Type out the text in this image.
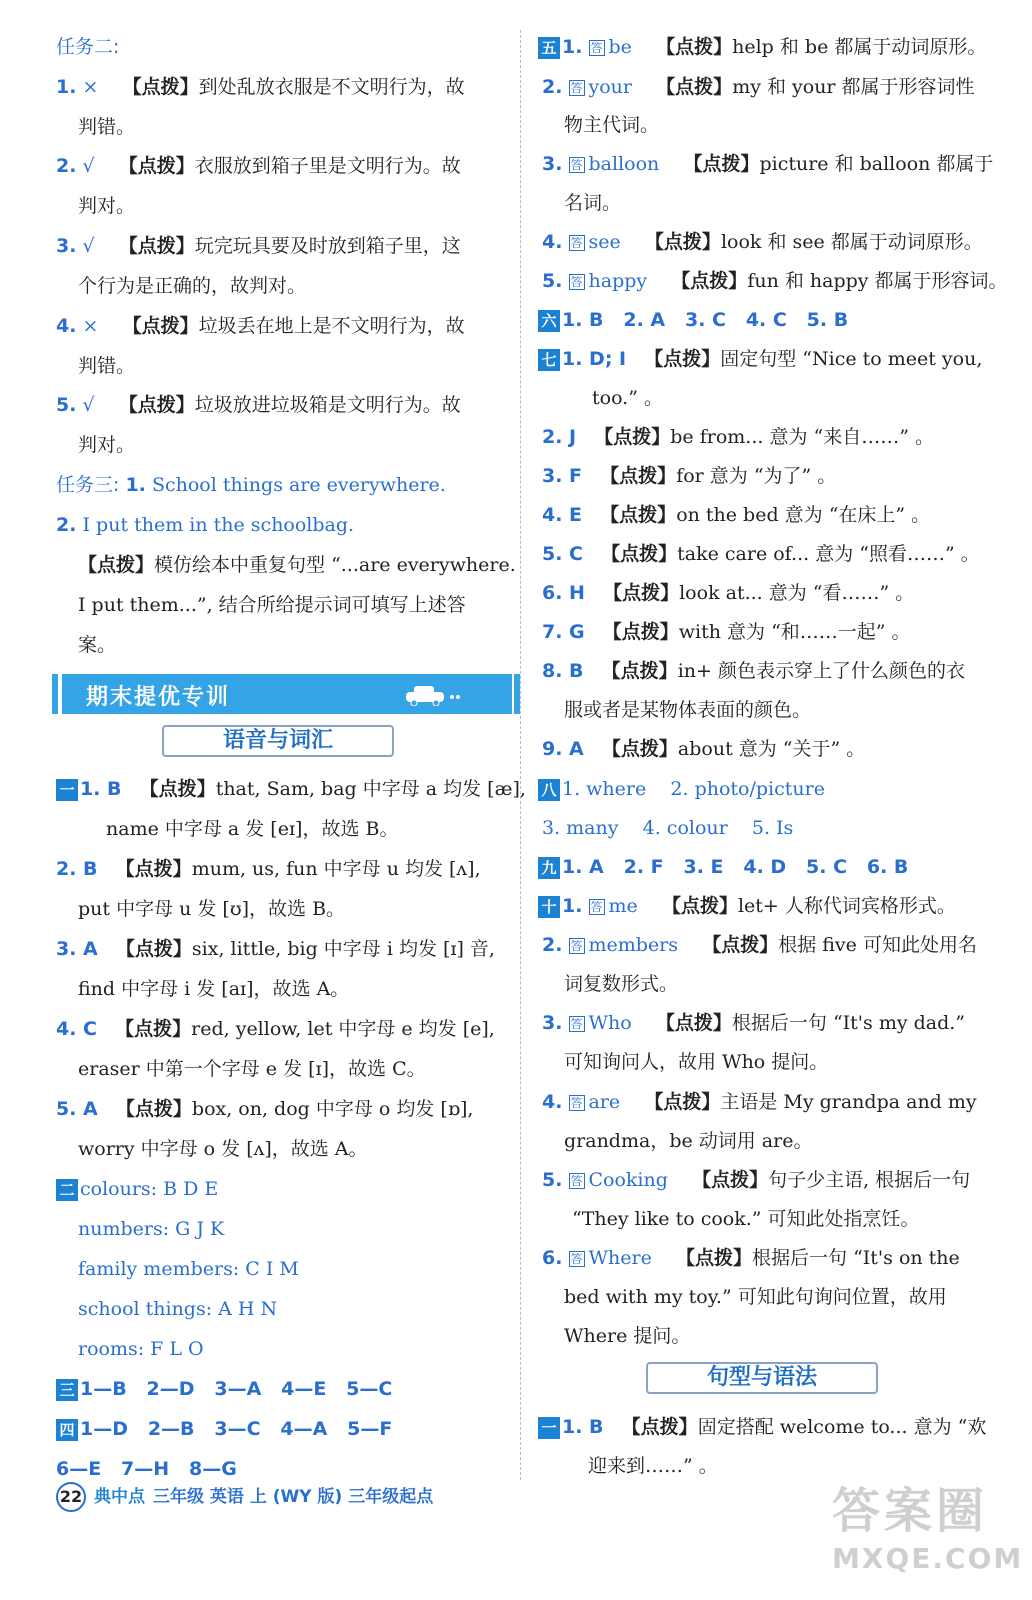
任务二:
1. × 【点拨】到处乱放衣服是不文明行为，故
判错。
2. √ 【点拨】衣服放到箱子里是文明行为。故
判对。
3. √ 【点拨】玩完玩具要及时放到箱子里，这
个行为是正确的，故判对。
4. × 【点拨】垃圾丢在地上是不文明行为，故
判错。
5. √ 【点拨】垃圾放进垃圾箱是文明行为。故
判对。
任务三: 1. School things are everywhere.
2. I put them in the schoolbag.
【点拨】模仿绘本中重复句型 “...are everywhere.
I put them...”, 结合所给提示词可填写上述答
案。
期末提优专训
语音与词汇
一 1. B 【点拨】that, Sam, bag 中字母 a 均发 [æ],
name 中字母 a 发 [eɪ]，故选 B。
2. B 【点拨】mum, us, fun 中字母 u 均发 [ʌ],
put 中字母 u 发 [ʊ]，故选 B。
3. A 【点拨】six, little, big 中字母 i 均发 [ɪ] 音,
find 中字母 i 发 [aɪ]，故选 A。
4. C 【点拨】red, yellow, let 中字母 e 均发 [e],
eraser 中第一个字母 e 发 [ɪ]，故选 C。
5. A 【点拨】box, on, dog 中字母 o 均发 [ɒ],
worry 中字母 o 发 [ʌ]，故选 A。
二 colours: B D E
numbers: G J K
family members: C I M
school things: A H N
rooms: F L O
三 1—B   2—D   3—A   4—E   5—C
四 1—D   2—B   3—C   4—A   5—F
6—E   7—H   8—G
五 1. 答 be 【点拨】help 和 be 都属于动词原形。
2. 答 your 【点拨】my 和 your 都属于形容词性
物主代词。
3. 答 balloon 【点拨】picture 和 balloon 都属于
名词。
4. 答 see 【点拨】look 和 see 都属于动词原形。
5. 答 happy 【点拨】fun 和 happy 都属于形容词。
六 1. B   2. A   3. C   4. C   5. B
七 1. D; I 【点拨】固定句型 “Nice to meet you,
too.” 。
2. J 【点拨】be from... 意为 “来自……” 。
3. F 【点拨】for 意为 “为了” 。
4. E 【点拨】on the bed 意为 “在床上” 。
5. C 【点拨】take care of... 意为 “照看……” 。
6. H 【点拨】look at... 意为 “看……” 。
7. G 【点拨】with 意为 “和……一起” 。
8. B 【点拨】in+ 颜色表示穿上了什么颜色的衣
服或者是某物体表面的颜色。
9. A 【点拨】about 意为 “关于” 。
八 1. where    2. photo/picture
3. many    4. colour    5. Is
九 1. A   2. F   3. E   4. D   5. C   6. B
十 1. 答 me 【点拨】let+ 人称代词宾格形式。
2. 答 members 【点拨】根据 five 可知此处用名
词复数形式。
3. 答 Who 【点拨】根据后一句 “It's my dad.”
可知询问人，故用 Who 提问。
4. 答 are 【点拨】主语是 My grandpa and my
grandma，be 动词用 are。
5. 答 Cooking 【点拨】句子少主语, 根据后一句
“They like to cook.” 可知此处指烹饪。
6. 答 Where 【点拨】根据后一句 “It's on the
bed with my toy.” 可知此句询问位置，故用
Where 提问。
句型与语法
一 1. B 【点拨】固定搭配 welcome to... 意为 “欢
迎来到……” 。
22 典中点 三年级 英语 上 (WY 版) 三年级起点	答案圈
MXQE.COM
